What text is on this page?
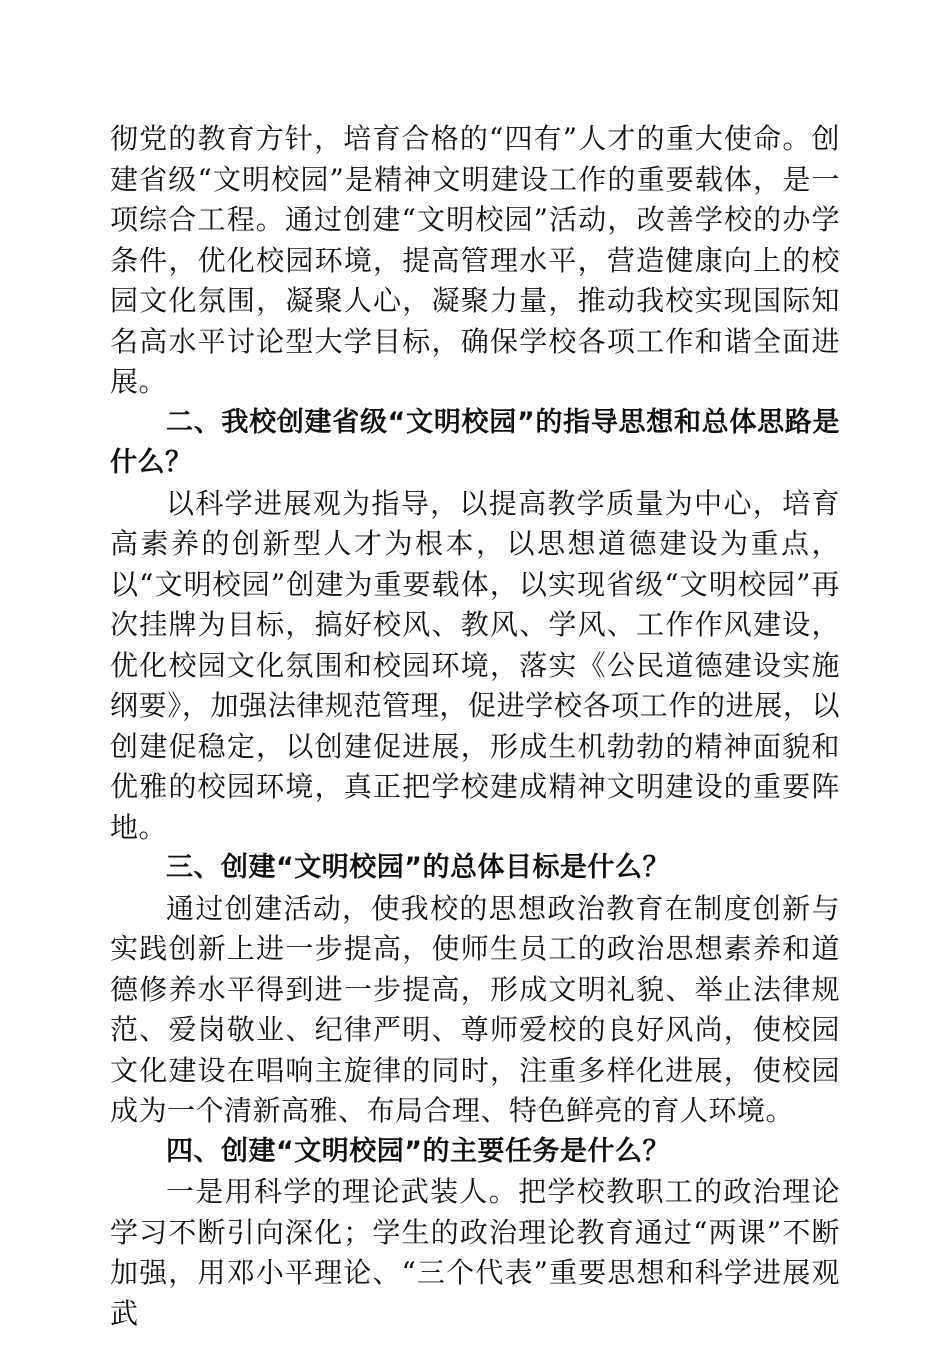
彻党的教育方针，培育合格的“四有”人才的重大使命。创建省级“文明校园”是精神文明建设工作的重要载体，是一项综合工程。通过创建“文明校园”活动，改善学校的办学条件，优化校园环境，提高管理水平，营造健康向上的校园文化氛围，凝聚人心，凝聚力量，推动我校实现国际知名高水平讨论型大学目标，确保学校各项工作和谐全面进展。

二、我校创建省级“文明校园”的指导思想和总体思路是什么？

以科学进展观为指导，以提高教学质量为中心，培育高素养的创新型人才为根本，以思想道德建设为重点，以“文明校园”创建为重要载体，以实现省级“文明校园”再次挂牌为目标，搞好校风、教风、学风、工作作风建设，优化校园文化氛围和校园环境，落实《公民道德建设实施纲要》，加强法律规范管理，促进学校各项工作的进展，以创建促稳定，以创建促进展，形成生机勃勃的精神面貌和优雅的校园环境，真正把学校建成精神文明建设的重要阵地。

三、创建“文明校园”的总体目标是什么？

通过创建活动，使我校的思想政治教育在制度创新与实践创新上进一步提高，使师生员工的政治思想素养和道德修养水平得到进一步提高，形成文明礼貌、举止法律规范、爱岗敬业、纪律严明、尊师爱校的良好风尚，使校园文化建设在唱响主旋律的同时，注重多样化进展，使校园成为一个清新高雅、布局合理、特色鲜亮的育人环境。

四、创建“文明校园”的主要任务是什么？

一是用科学的理论武装人。把学校教职工的政治理论学习不断引向深化；学生的政治理论教育通过“两课”不断加强，用邓小平理论、“三个代表”重要思想和科学进展观武
